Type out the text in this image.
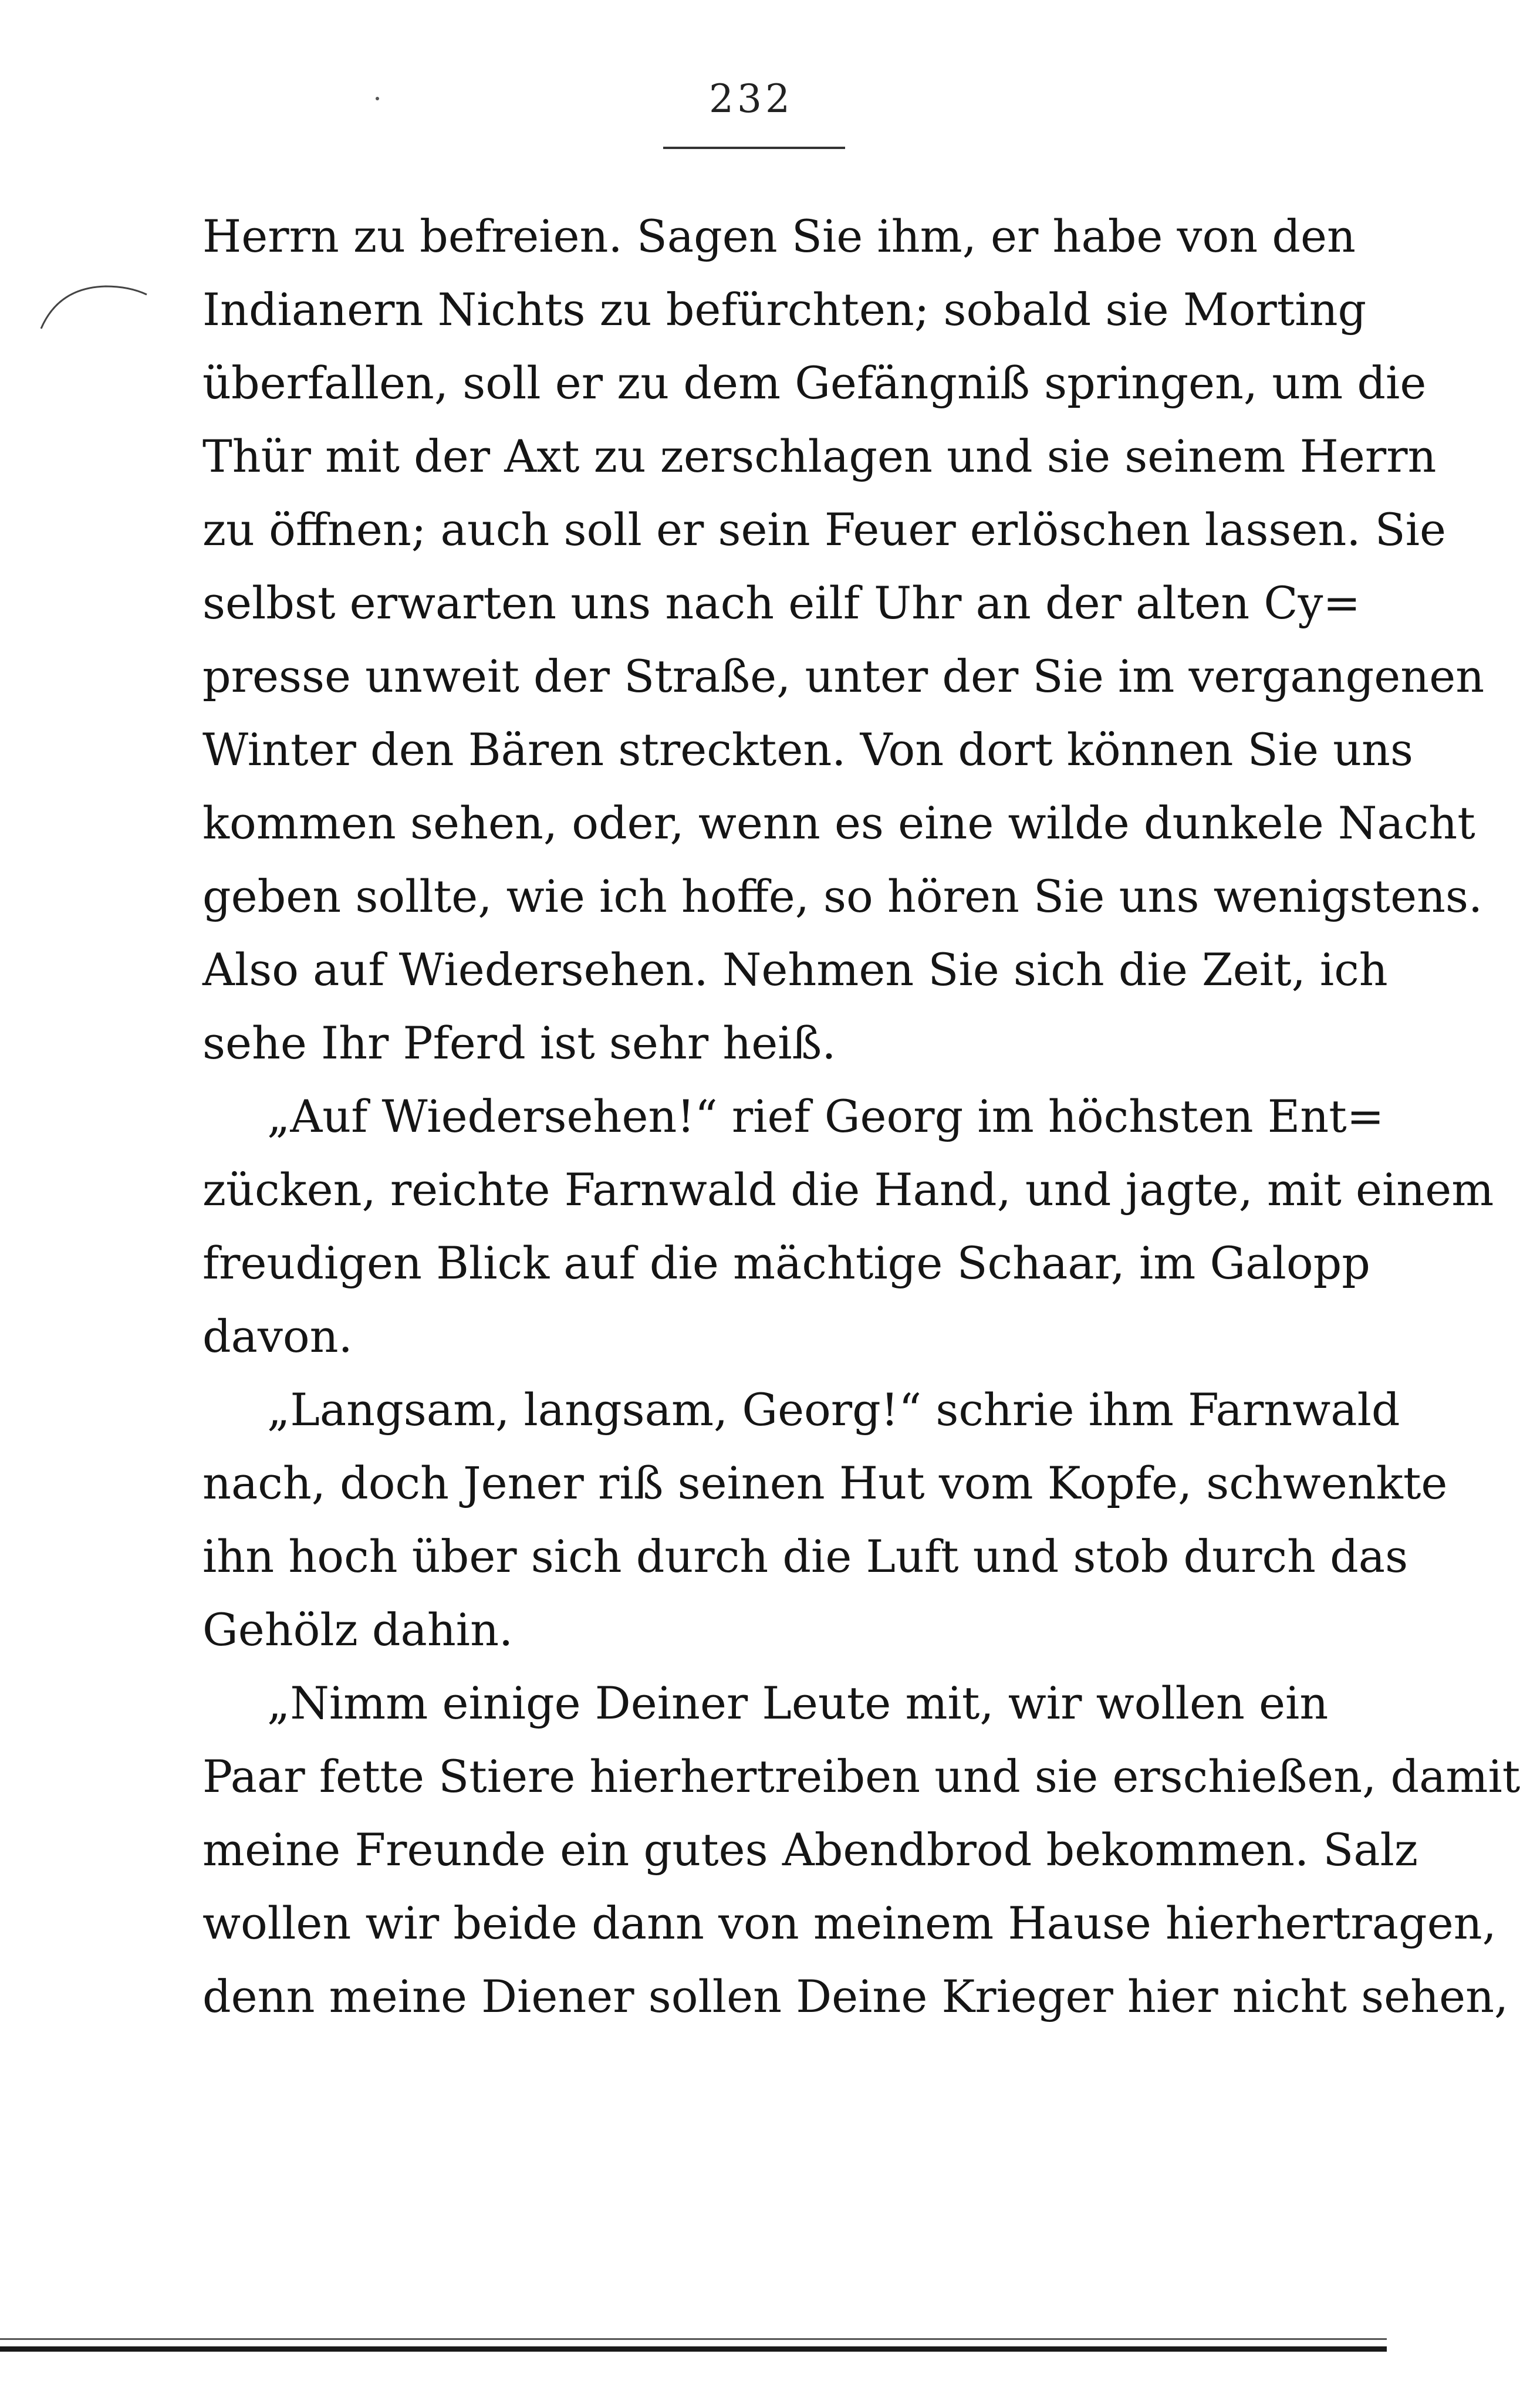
232
Herrn zu befreien. Sagen Sie ihm, er habe von den
Indianern Nichts zu befürchten; sobald sie Morting
überfallen, soll er zu dem Gefängniß springen, um die
Thür mit der Axt zu zerschlagen und sie seinem Herrn
zu öffnen; auch soll er sein Feuer erlöschen lassen. Sie
selbst erwarten uns nach eilf Uhr an der alten Cy=
presse unweit der Straße, unter der Sie im vergangenen
Winter den Bären streckten. Von dort können Sie uns
kommen sehen, oder, wenn es eine wilde dunkele Nacht
geben sollte, wie ich hoffe, so hören Sie uns wenigstens.
Also auf Wiedersehen. Nehmen Sie sich die Zeit, ich
sehe Ihr Pferd ist sehr heiß.
„Auf Wiedersehen!“ rief Georg im höchsten Ent=
zücken, reichte Farnwald die Hand, und jagte, mit einem
freudigen Blick auf die mächtige Schaar, im Galopp
davon.
„Langsam, langsam, Georg!“ schrie ihm Farnwald
nach, doch Jener riß seinen Hut vom Kopfe, schwenkte
ihn hoch über sich durch die Luft und stob durch das
Gehölz dahin.
„Nimm einige Deiner Leute mit, wir wollen ein
Paar fette Stiere hierhertreiben und sie erschießen, damit
meine Freunde ein gutes Abendbrod bekommen. Salz
wollen wir beide dann von meinem Hause hierhertragen,
denn meine Diener sollen Deine Krieger hier nicht sehen,
